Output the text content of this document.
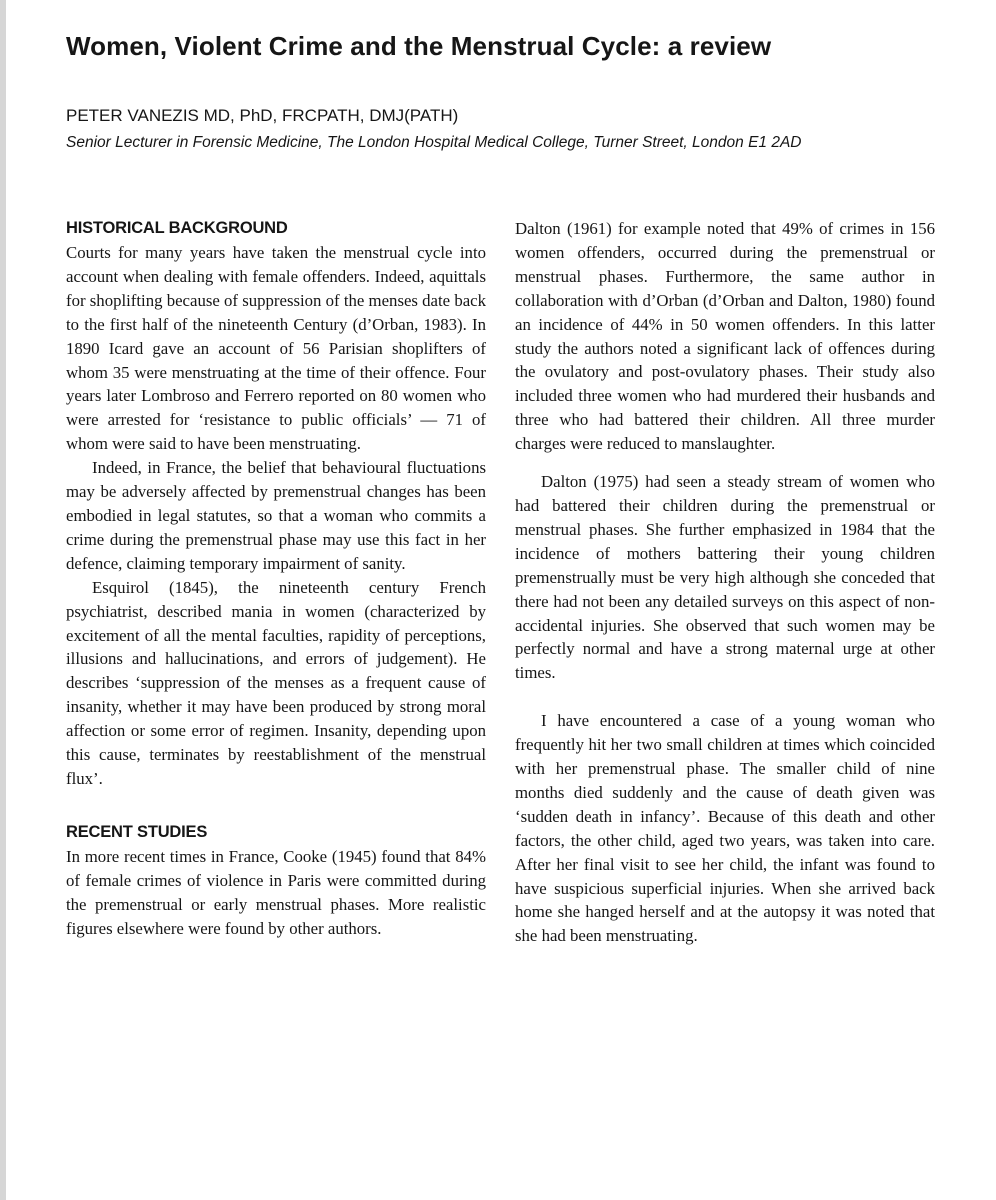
Women, Violent Crime and the Menstrual Cycle: a review
PETER VANEZIS MD, PhD, FRCPATH, DMJ(PATH)
Senior Lecturer in Forensic Medicine, The London Hospital Medical College, Turner Street, London E1 2AD
HISTORICAL BACKGROUND

Courts for many years have taken the menstrual cycle into account when dealing with female offenders. Indeed, aquittals for shoplifting because of suppression of the menses date back to the first half of the nineteenth Century (d’Orban, 1983). In 1890 Icard gave an account of 56 Parisian shoplifters of whom 35 were menstruating at the time of their offence. Four years later Lombroso and Ferrero reported on 80 women who were arrested for ‘resistance to public officials’ — 71 of whom were said to have been menstruating.

Indeed, in France, the belief that behavioural fluctuations may be adversely affected by premenstrual changes has been embodied in legal statutes, so that a woman who commits a crime during the premenstrual phase may use this fact in her defence, claiming temporary impairment of sanity.

Esquirol (1845), the nineteenth century French psychiatrist, described mania in women (characterized by excitement of all the mental faculties, rapidity of perceptions, illusions and hallucinations, and errors of judgement). He describes ‘suppression of the menses as a frequent cause of insanity, whether it may have been produced by strong moral affection or some error of regimen. Insanity, depending upon this cause, terminates by reestablishment of the menstrual flux’.

RECENT STUDIES

In more recent times in France, Cooke (1945) found that 84% of female crimes of violence in Paris were committed during the premenstrual or early menstrual phases. More realistic figures elsewhere were found by other authors.

Dalton (1961) for example noted that 49% of crimes in 156 women offenders, occurred during the premenstrual or menstrual phases. Furthermore, the same author in collaboration with d’Orban (d’Orban and Dalton, 1980) found an incidence of 44% in 50 women offenders. In this latter study the authors noted a significant lack of offences during the ovulatory and post-ovulatory phases. Their study also included three women who had murdered their husbands and three who had battered their children. All three murder charges were reduced to manslaughter.

Dalton (1975) had seen a steady stream of women who had battered their children during the premenstrual or menstrual phases. She further emphasized in 1984 that the incidence of mothers battering their young children premenstrually must be very high although she conceded that there had not been any detailed surveys on this aspect of non-accidental injuries. She observed that such women may be perfectly normal and have a strong maternal urge at other times.

I have encountered a case of a young woman who frequently hit her two small children at times which coincided with her premenstrual phase. The smaller child of nine months died suddenly and the cause of death given was ‘sudden death in infancy’. Because of this death and other factors, the other child, aged two years, was taken into care. After her final visit to see her child, the infant was found to have suspicious superficial injuries. When she arrived back home she hanged herself and at the autopsy it was noted that she had been menstruating.
